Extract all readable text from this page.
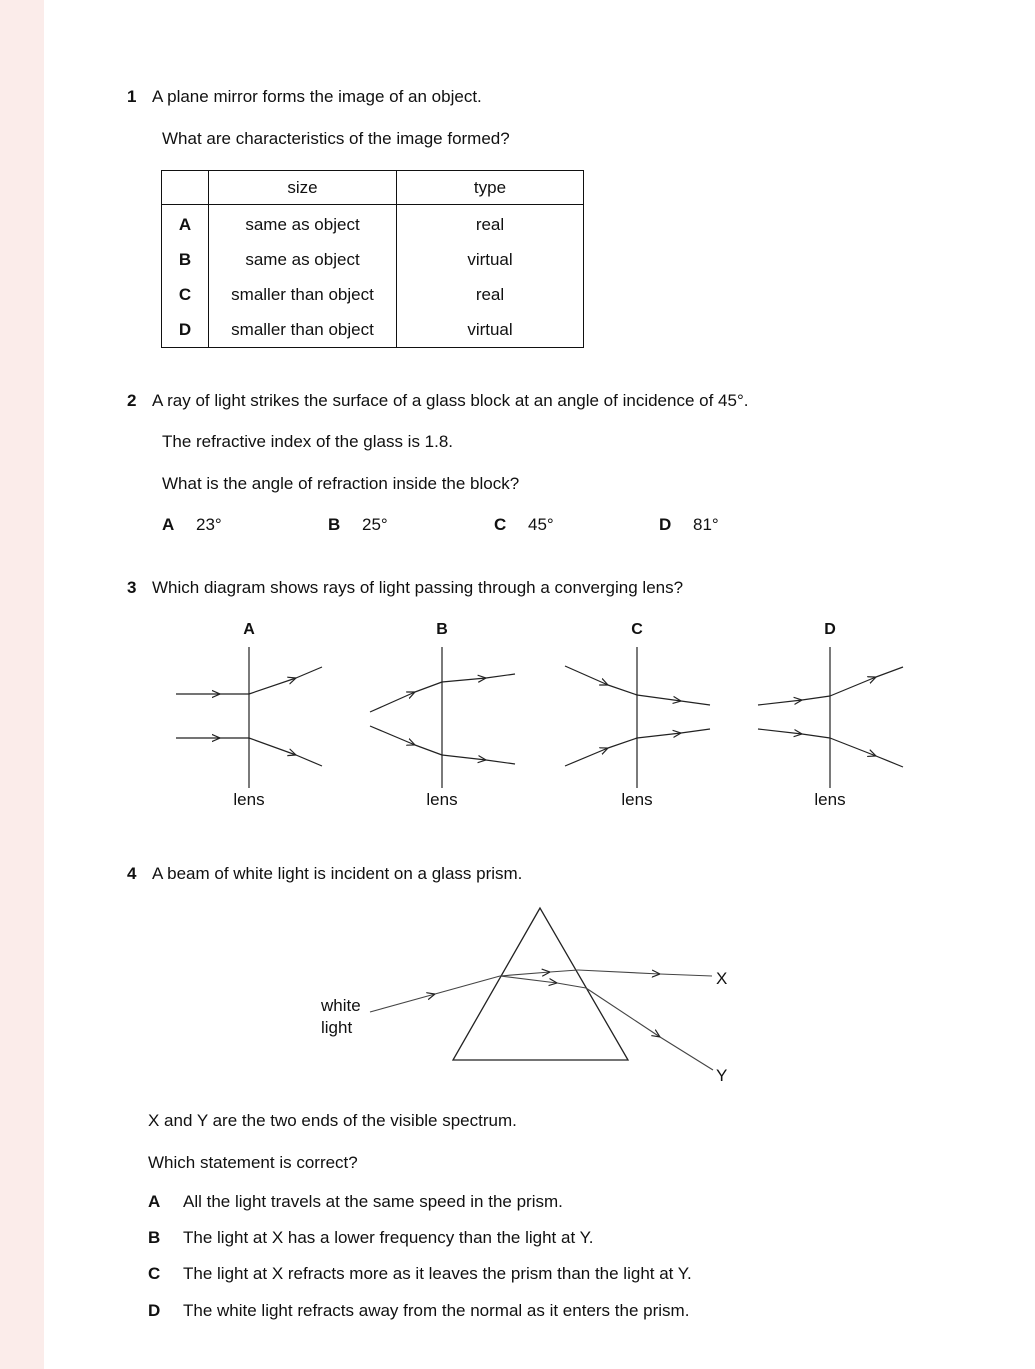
1 A plane mirror forms the image of an object.
What are characteristics of the image formed?
	size	type
A	same as object	real
B	same as object	virtual
C	smaller than object	real
D	smaller than object	virtual
2 A ray of light strikes the surface of a glass block at an angle of incidence of 45°.
The refractive index of the glass is 1.8.
What is the angle of refraction inside the block?
A 23°	B 25°	C 45°	D 81°
3 Which diagram shows rays of light passing through a converging lens?
A	B	C	D
lens	lens	lens	lens
4 A beam of white light is incident on a glass prism.
white
light
X
Y
X and Y are the two ends of the visible spectrum.
Which statement is correct?
A All the light travels at the same speed in the prism.
B The light at X has a lower frequency than the light at Y.
C The light at X refracts more as it leaves the prism than the light at Y.
D The white light refracts away from the normal as it enters the prism.
